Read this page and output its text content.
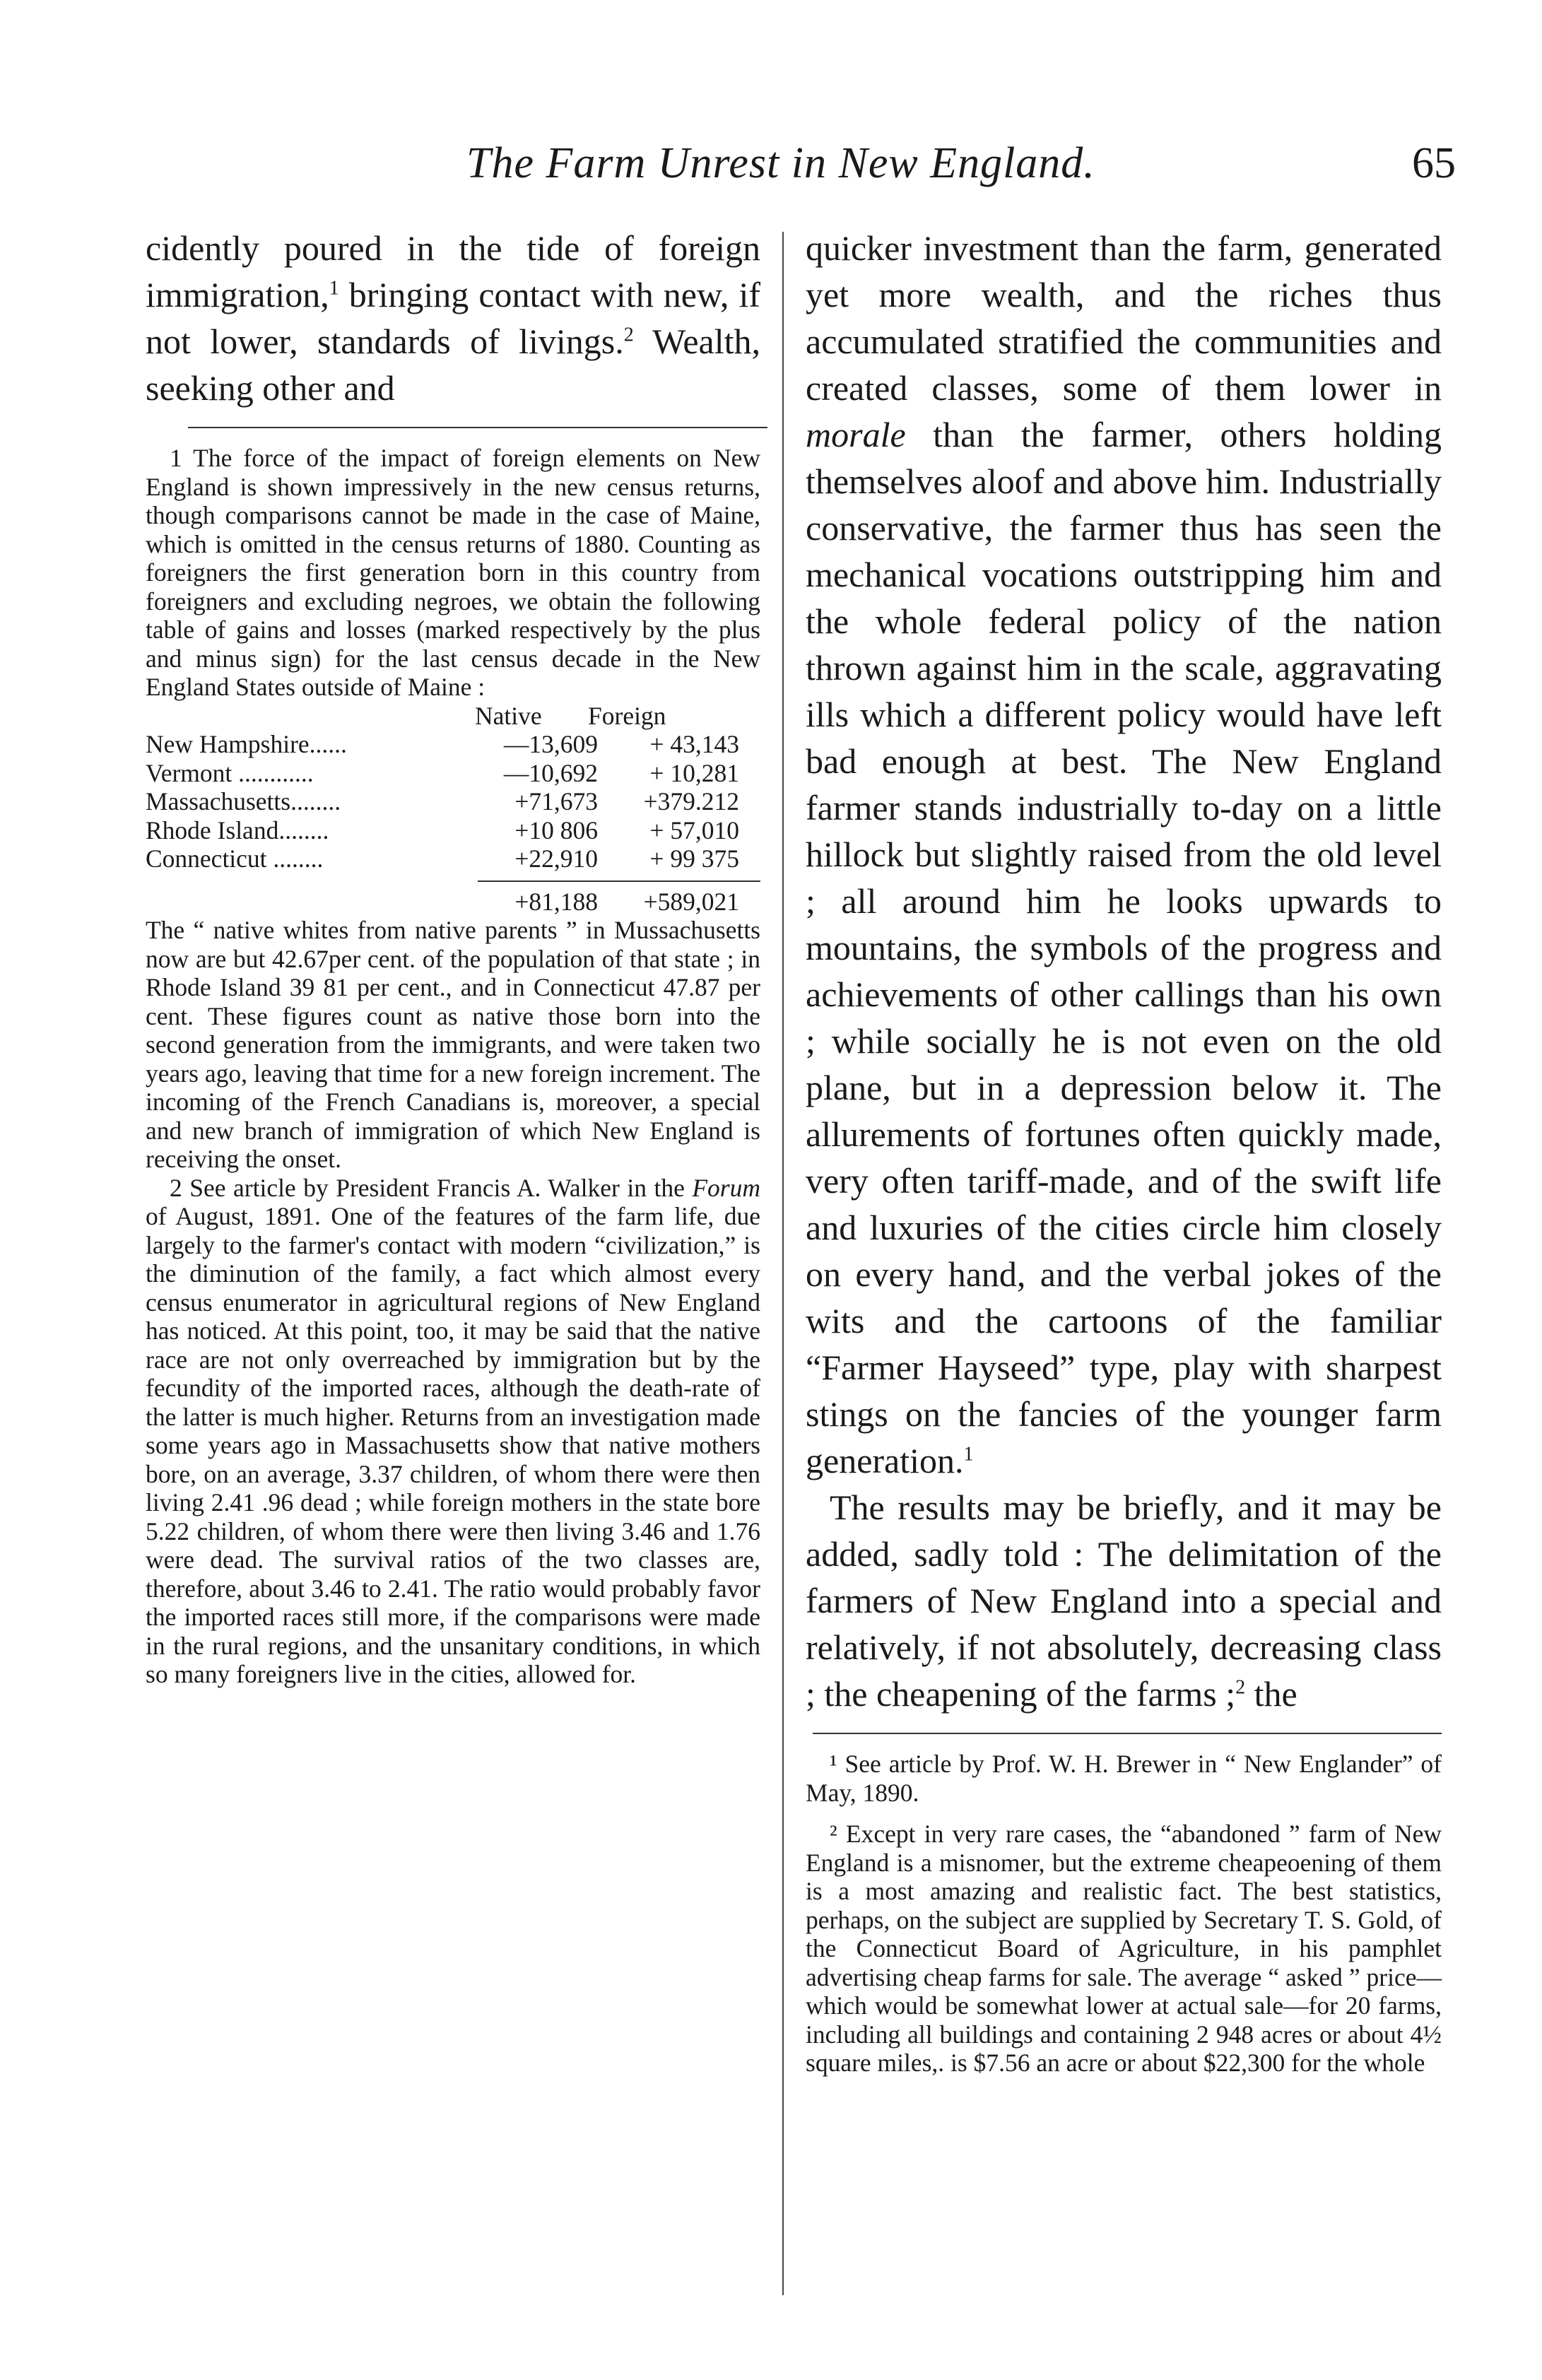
The Farm Unrest in New England.	65

cidently poured in the tide of foreign immigration,$^1$ bringing contact with new, if not lower, standards of livings.$^2$ Wealth, seeking other and

1 The force of the impact of foreign elements on New England is shown impressively in the new census returns, though comparisons cannot be made in the case of Maine, which is omitted in the census returns of 1880. Counting as foreigners the first generation born in this country from foreigners and excluding negroes, we obtain the following table of gains and losses (marked respectively by the plus and minus sign) for the last census decade in the New England States outside of Maine :

Native	Foreign
New Hampshire......	—13,609	+ 43,143
Vermont ............	—10,692	+ 10,281
Massachusetts........	+71,673	+379.212
Rhode Island........	+10 806	+ 57,010
Connecticut ........	+22,910	+ 99 375
+81,188	+589,021

The “ native whites from native parents ” in Mussachusetts now are but 42.67per cent. of the population of that state ; in Rhode Island 39 81 per cent., and in Connecticut 47.87 per cent. These figures count as native those born into the second generation from the immigrants, and were taken two years ago, leaving that time for a new foreign increment. The incoming of the French Canadians is, moreover, a special and new branch of immigration of which New England is receiving the onset.

2 See article by President Francis A. Walker in the Forum of August, 1891. One of the features of the farm life, due largely to the farmer's contact with modern “civilization,” is the diminution of the family, a fact which almost every census enumerator in agricultural regions of New England has noticed. At this point, too, it may be said that the native race are not only overreached by immigration but by the fecundity of the imported races, although the death-rate of the latter is much higher. Returns from an investigation made some years ago in Massachusetts show that native mothers bore, on an average, 3.37 children, of whom there were then living 2.41 .96 dead ; while foreign mothers in the state bore 5.22 children, of whom there were then living 3.46 and 1.76 were dead. The survival ratios of the two classes are, therefore, about 3.46 to 2.41. The ratio would probably favor the imported races still more, if the comparisons were made in the rural regions, and the unsanitary conditions, in which so many foreigners live in the cities, allowed for.

quicker investment than the farm, generated yet more wealth, and the riches thus accumulated stratified the communities and created classes, some of them lower in morale than the farmer, others holding themselves aloof and above him. Industrially conservative, the farmer thus has seen the mechanical vocations outstripping him and the whole federal policy of the nation thrown against him in the scale, aggravating ills which a different policy would have left bad enough at best. The New England farmer stands industrially to-day on a little hillock but slightly raised from the old level ; all around him he looks upwards to mountains, the symbols of the progress and achievements of other callings than his own ; while socially he is not even on the old plane, but in a depression below it. The allurements of fortunes often quickly made, very often tariff-made, and of the swift life and luxuries of the cities circle him closely on every hand, and the verbal jokes of the wits and the cartoons of the familiar “Farmer Hayseed” type, play with sharpest stings on the fancies of the younger farm generation.$^1$

The results may be briefly, and it may be added, sadly told : The delimitation of the farmers of New England into a special and relatively, if not absolutely, decreasing class ; the cheapening of the farms ;$^2$ the

¹ See article by Prof. W. H. Brewer in “ New Englander” of May, 1890.

² Except in very rare cases, the “abandoned ” farm of New England is a misnomer, but the extreme cheapeoening of them is a most amazing and realistic fact. The best statistics, perhaps, on the subject are supplied by Secretary T. S. Gold, of the Connecticut Board of Agriculture, in his pamphlet advertising cheap farms for sale. The average “ asked ” price—which would be somewhat lower at actual sale—for 20 farms, including all buildings and containing 2 948 acres or about 4½ square miles,. is $7.56 an acre or about $22,300 for the whole
